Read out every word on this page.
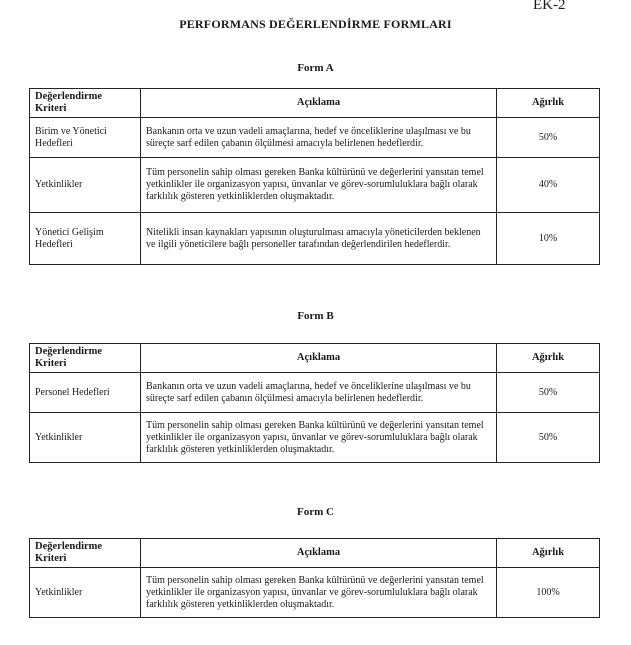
EK-2
PERFORMANS DEĞERLENDİRME FORMLARI
Form A
Değerlendirme Kriteri	Açıklama	Ağırlık
Birim ve Yönetici Hedefleri	Bankanın orta ve uzun vadeli amaçlarına, hedef ve önceliklerine ulaşılması ve bu süreçte sarf edilen çabanın ölçülmesi amacıyla belirlenen hedeflerdir.	50%
Yetkinlikler	Tüm personelin sahip olması gereken Banka kültürünü ve değerlerini yansıtan temel yetkinlikler ile organizasyon yapısı, ünvanlar ve görev-sorumluluklara bağlı olarak farklılık gösteren yetkinliklerden oluşmaktadır.	40%
Yönetici Gelişim Hedefleri	Nitelikli insan kaynakları yapısının oluşturulması amacıyla yöneticilerden beklenen ve ilgili yöneticilere bağlı personeller tarafından değerlendirilen hedeflerdir.	10%
Form B
Değerlendirme Kriteri	Açıklama	Ağırlık
Personel Hedefleri	Bankanın orta ve uzun vadeli amaçlarına, hedef ve önceliklerine ulaşılması ve bu süreçte sarf edilen çabanın ölçülmesi amacıyla belirlenen hedeflerdir.	50%
Yetkinlikler	Tüm personelin sahip olması gereken Banka kültürünü ve değerlerini yansıtan temel yetkinlikler ile organizasyon yapısı, ünvanlar ve görev-sorumluluklara bağlı olarak farklılık gösteren yetkinliklerden oluşmaktadır.	50%
Form C
Değerlendirme Kriteri	Açıklama	Ağırlık
Yetkinlikler	Tüm personelin sahip olması gereken Banka kültürünü ve değerlerini yansıtan temel yetkinlikler ile organizasyon yapısı, ünvanlar ve görev-sorumluluklara bağlı olarak farklılık gösteren yetkinliklerden oluşmaktadır.	100%
